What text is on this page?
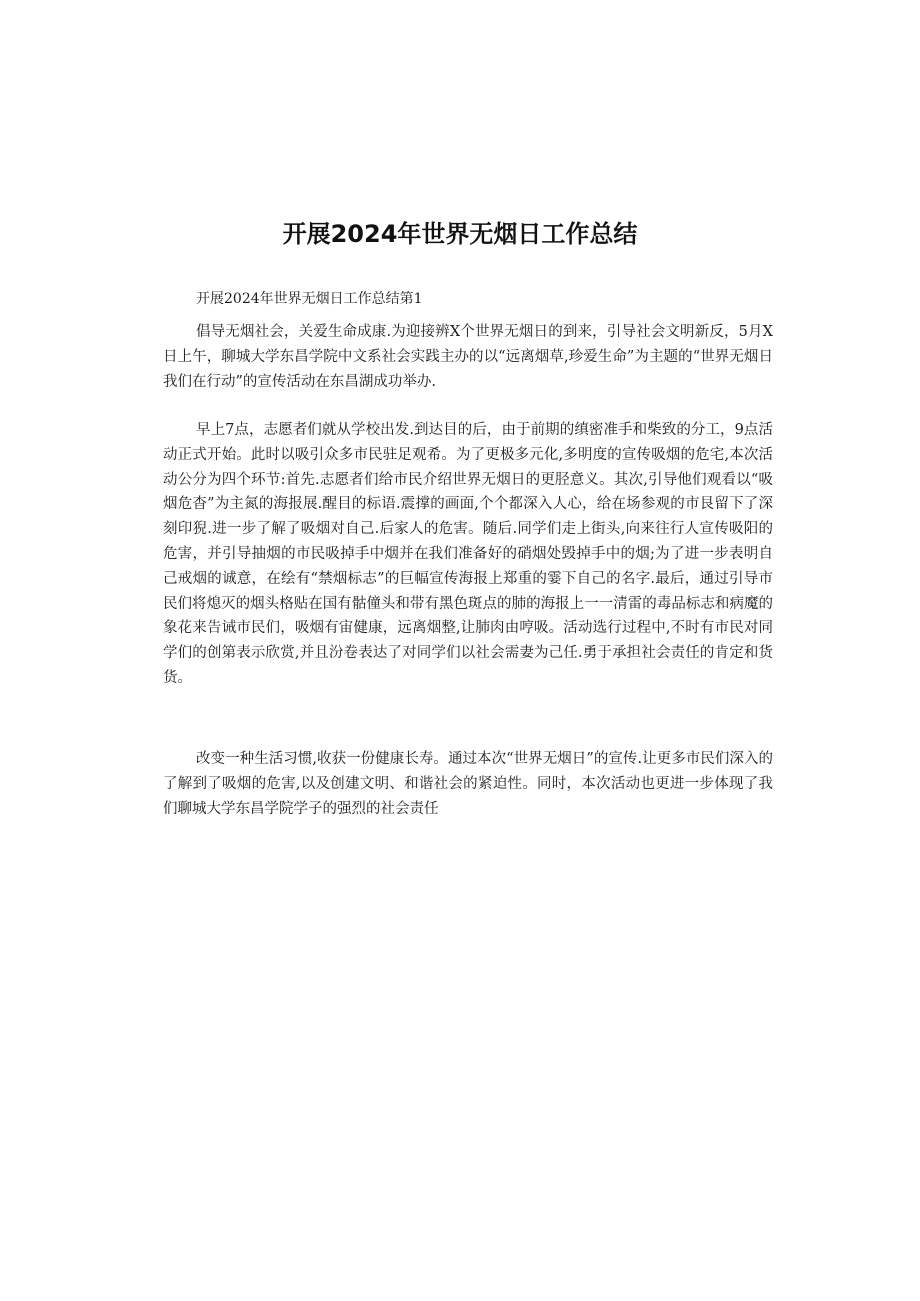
开展2024年世界无烟日工作总结

开展2024年世界无烟日工作总结第1

倡导无烟社会，关爱生命成康.为迎接辨X个世界无烟日的到来，引导社会文明新反，5月X日上午，聊城大学东昌学院中文系社会实践主办的以“远离烟草,珍爱生命”为主题的“世界无烟日我们在行动”的宣传活动在东昌湖成功举办.

早上7点，志愿者们就从学校出发.到达目的后，由于前期的缜密准手和柴致的分工，9点活动正式开始。此时以吸引众多市民驻足观希。为了更极多元化,多明度的宣传吸烟的危宅,本次活动公分为四个环节:首先.志愿者们给市民介绍世界无烟日的更胫意义。其次,引导他们观看以“吸烟危杳”为主氮的海报展.醒目的标语.震撑的画面,个个都深入人心，给在场参观的市艮留下了深刻印猊.进一步了解了吸烟对自己.后家人的危害。随后.同学们走上街头,向来往行人宣传吸阳的危害，并引导抽烟的市民吸掉手中烟并在我们准备好的硝烟处毁掉手中的烟;为了进一步表明自己戒烟的诚意，在绘有“禁烟标志”的巨幅宣传海报上郑重的霎下自己的名字.最后，通过引导市民们将熄灭的烟头格贴在国有骷僮头和带有黑色斑点的肺的海报上一一清雷的毒品标志和病魔的象花来告诫市民们，吸烟有宙健康，远离烟整,让肺肉由哼吸。活动选行过程中,不时有市民对同学们的创第表示欣赏,并且汾卷表达了对同学们以社会需妻为己任.勇于承担社会责任的肯定和货货。

改变一种生活习惯,收获一份健康长寿。通过本次“世界无烟日”的宣传.让更多市民们深入的了解到了吸烟的危害,以及创建文明、和谐社会的紧迫性。同时，本次活动也更进一步体现了我们聊城大学东昌学院学子的强烈的社会责任
